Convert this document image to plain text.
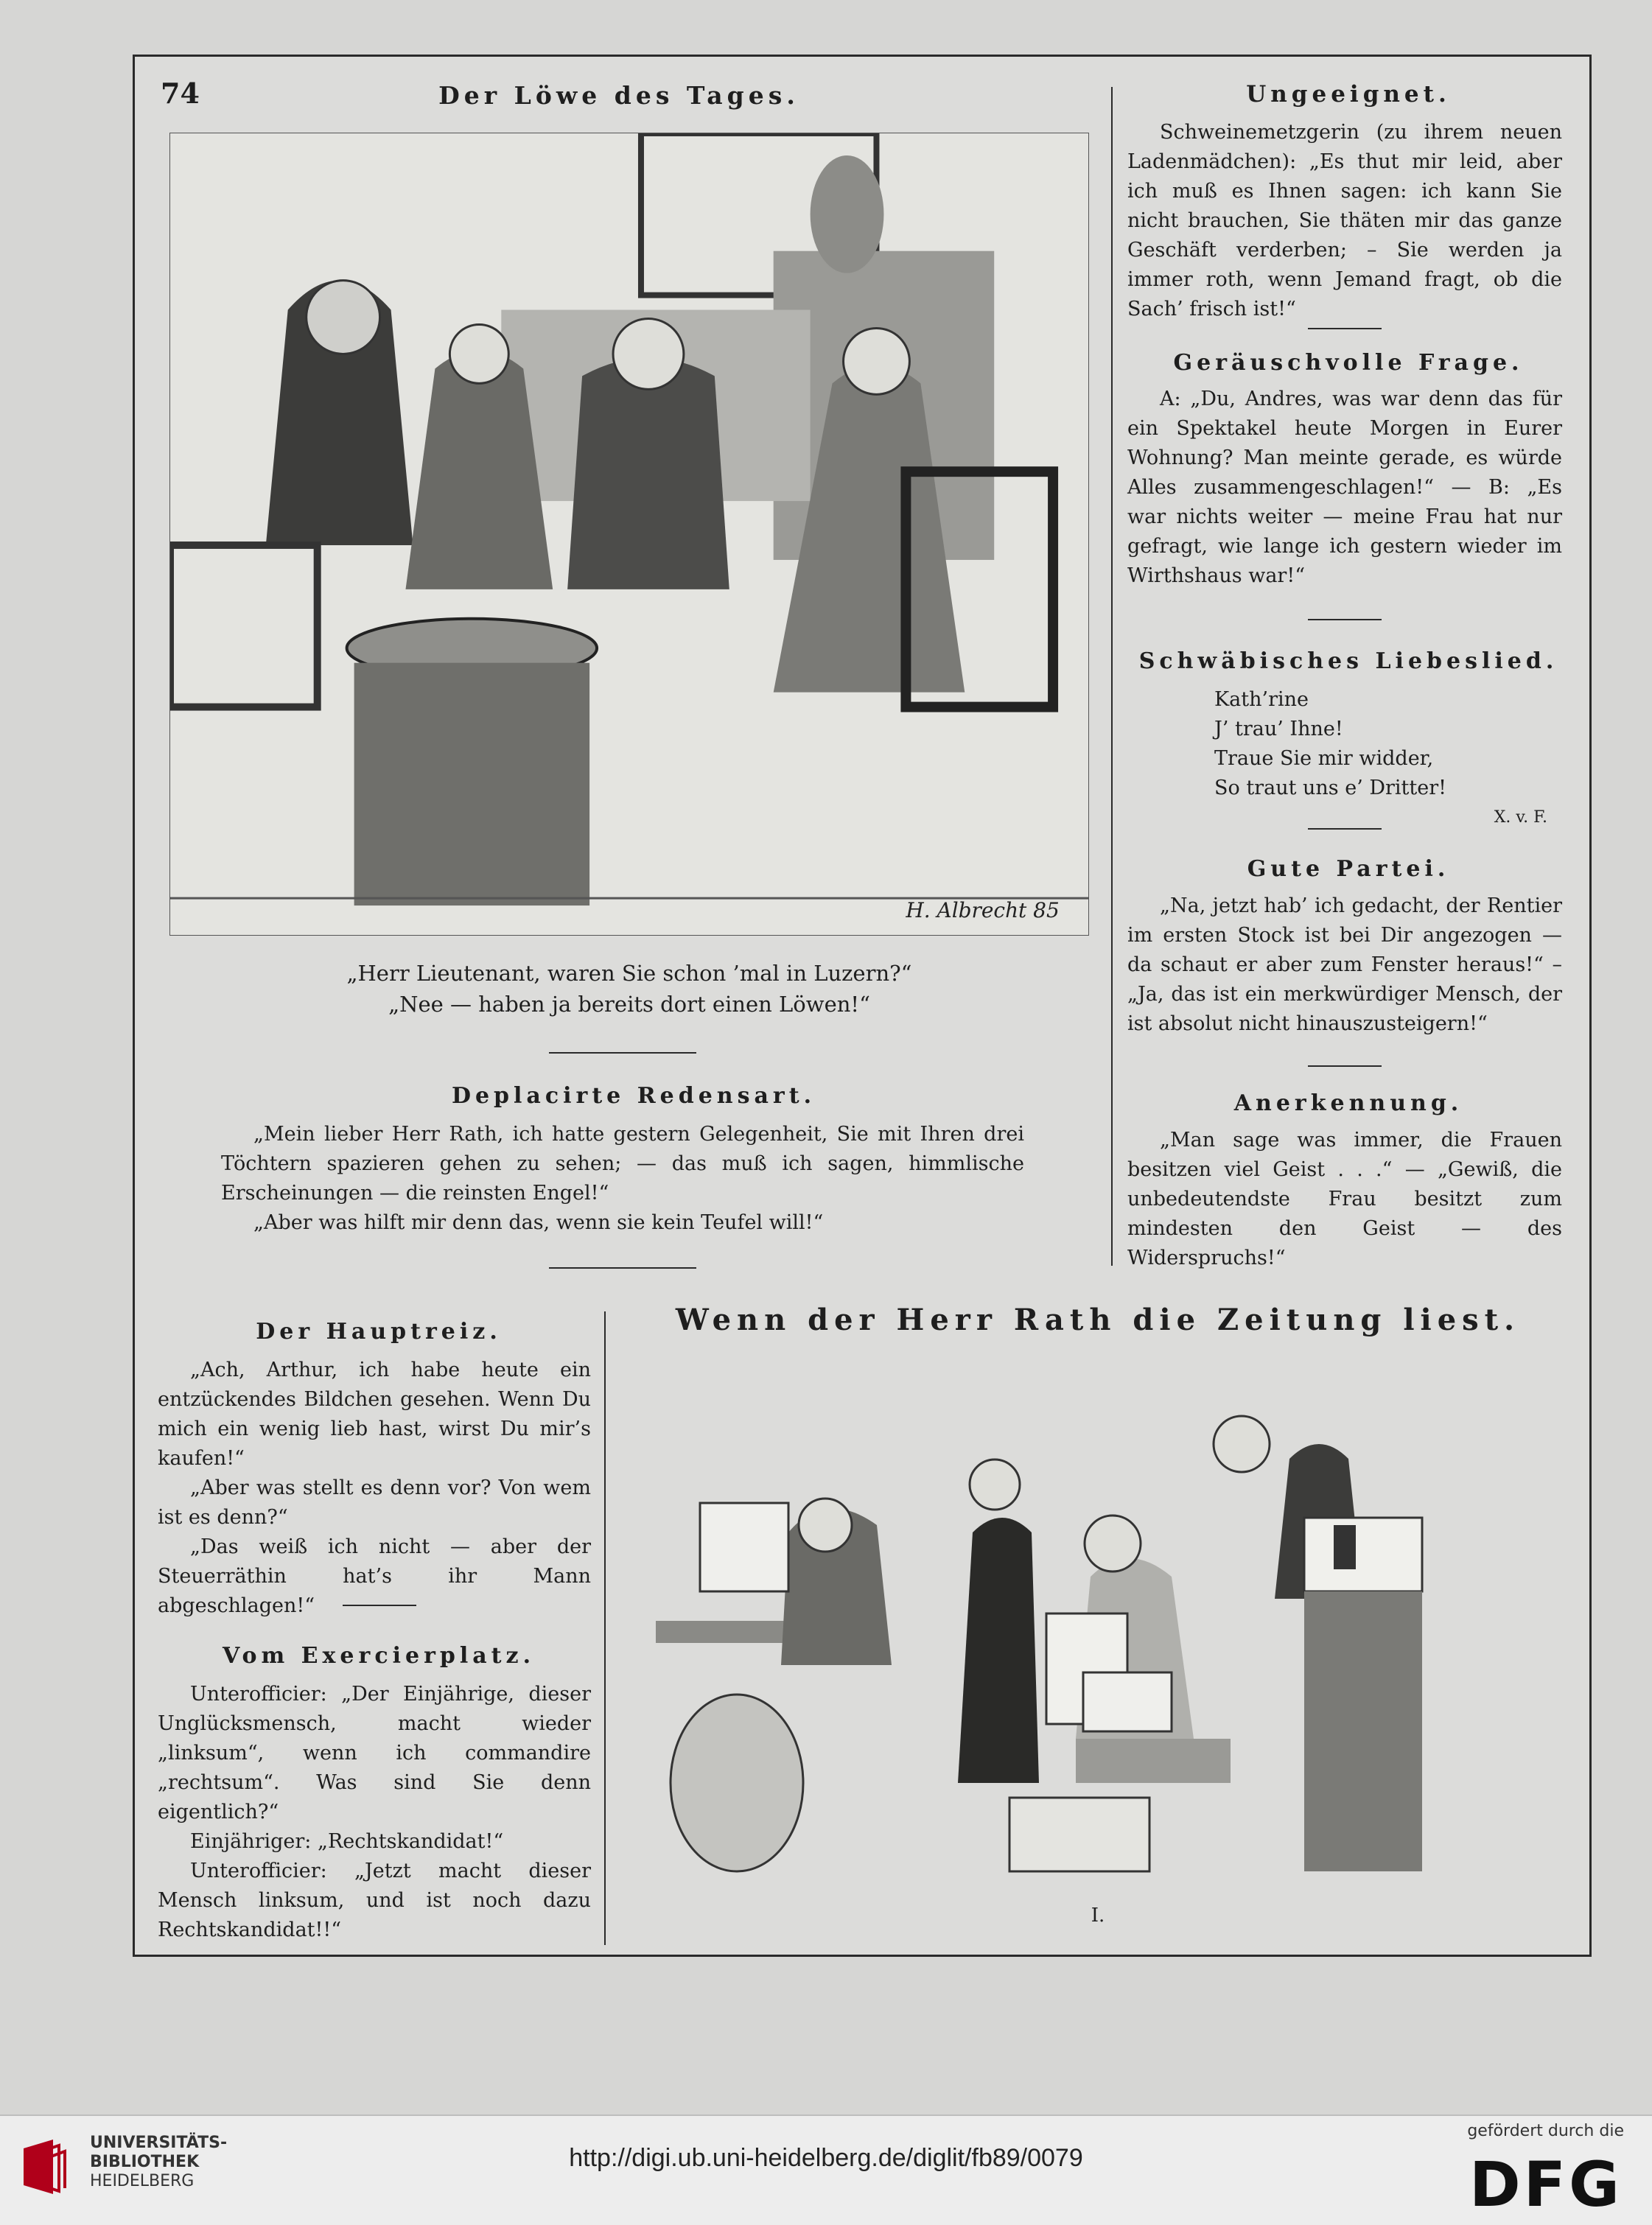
74	Der Löwe des Tages.
H. Albrecht 85

„Herr Lieutenant, waren Sie schon ’mal in Luzern?“

„Nee — haben ja bereits dort einen Löwen!“

Deplacirte Redensart.

„Mein lieber Herr Rath, ich hatte gestern Gelegenheit, Sie mit Ihren drei Töchtern spazieren gehen zu sehen; — das muß ich sagen, himmlische Erscheinungen — die reinsten Engel!“

„Aber was hilft mir denn das, wenn sie kein Teufel will!“

Ungeeignet.

Schweinemetzgerin (zu ihrem neuen Ladenmädchen): „Es thut mir leid, aber ich muß es Ihnen sagen: ich kann Sie nicht brauchen, Sie thäten mir das ganze Geschäft verderben; – Sie werden ja immer roth, wenn Jemand fragt, ob die Sach’ frisch ist!“

Geräuschvolle Frage.

A: „Du, Andres, was war denn das für ein Spektakel heute Morgen in Eurer Wohnung? Man meinte gerade, es würde Alles zusammengeschlagen!“ — B: „Es war nichts weiter — meine Frau hat nur gefragt, wie lange ich gestern wieder im Wirthshaus war!“

Schwäbisches Liebeslied.

Kath’rine

J’ trau’ Ihne!

Traue Sie mir widder,

So traut uns e’ Dritter!

X. v. F.
Gute Partei.

„Na, jetzt hab’ ich gedacht, der Rentier im ersten Stock ist bei Dir angezogen — da schaut er aber zum Fenster heraus!“ – „Ja, das ist ein merkwürdiger Mensch, der ist absolut nicht hinauszusteigern!“

Anerkennung.

„Man sage was immer, die Frauen besitzen viel Geist . . .“ — „Gewiß, die unbedeutendste Frau besitzt zum mindesten den Geist — des Widerspruchs!“

Der Hauptreiz.

„Ach, Arthur, ich habe heute ein entzückendes Bildchen gesehen. Wenn Du mich ein wenig lieb hast, wirst Du mir’s kaufen!“

„Aber was stellt es denn vor? Von wem ist es denn?“

„Das weiß ich nicht — aber der Steuerräthin hat’s ihr Mann abgeschlagen!“

Vom Exercierplatz.

Unterofficier: „Der Einjährige, dieser Unglücksmensch, macht wieder „linksum“, wenn ich commandire „rechtsum“. Was sind Sie denn eigentlich?“

Einjähriger: „Rechtskandidat!“

Unterofficier: „Jetzt macht dieser Mensch linksum, und ist noch dazu Rechtskandidat!!“

Wenn der Herr Rath die Zeitung liest.
I.
UNIVERSITÄTS-
BIBLIOTHEK
HEIDELBERG
http://digi.ub.uni-heidelberg.de/diglit/fb89/0079
gefördert durch die
DFG
